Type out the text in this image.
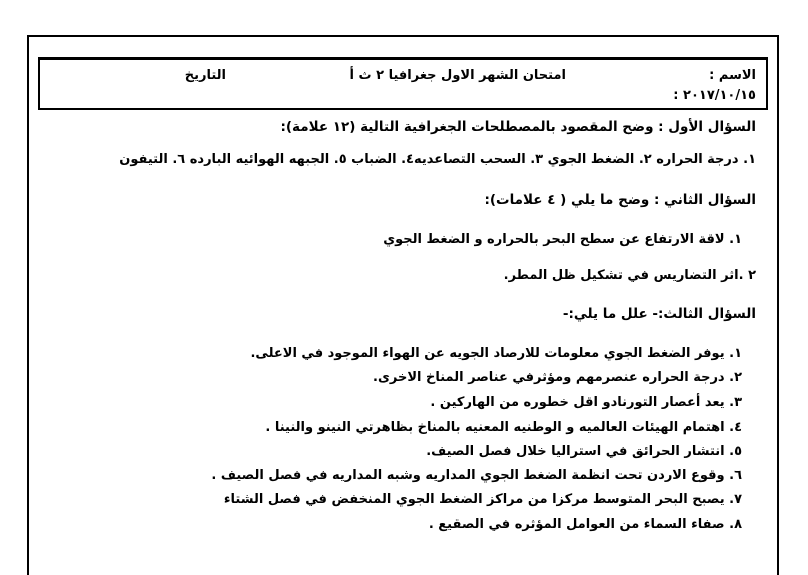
الاسم :
٢٠١٧/١٠/١٥ :
امتحان الشهر الاول جغرافيا ٢ ث أ
التاريخ
السؤال الأول : وضح المقصود بالمصطلحات الجغرافية التالية (١٢ علامة):
١. درجة الحراره ٢. الضغط الجوي ٣. السحب التصاعديه٤. الضباب ٥. الجبهه الهوائيه البارده ٦. التيفون
السؤال الثاني : وضح ما يلي ( ٤ علامات):
١. لاقة الارتفاع عن سطح البحر بالحراره و الضغط الجوي
٢ .اثر التضاريس في تشكيل ظل المطر.
السؤال الثالث:- علل ما يلي:-
١. يوفر الضغط الجوي معلومات للارصاد الجويه عن الهواء الموجود في الاعلى.
٢. درجة الحراره عنصرمهم ومؤثرفي عناصر المناخ الاخرى.
٣. يعد أعصار التورنادو اقل خطوره من الهاركين .
٤. اهتمام الهيئات العالميه و الوطنيه المعنيه بالمناخ بظاهرتي النينو والنينا .
٥. انتشار الحرائق في استراليا خلال فصل الصيف.
٦. وقوع الاردن تحت انظمة الضغط الجوي المداريه وشبه المداريه في فصل الصيف .
٧. يصبح البحر المتوسط مركزا من مراكز الضغط الجوي المنخفض في فصل الشتاء
٨. صفاء السماء من العوامل المؤثره في الصقيع .
